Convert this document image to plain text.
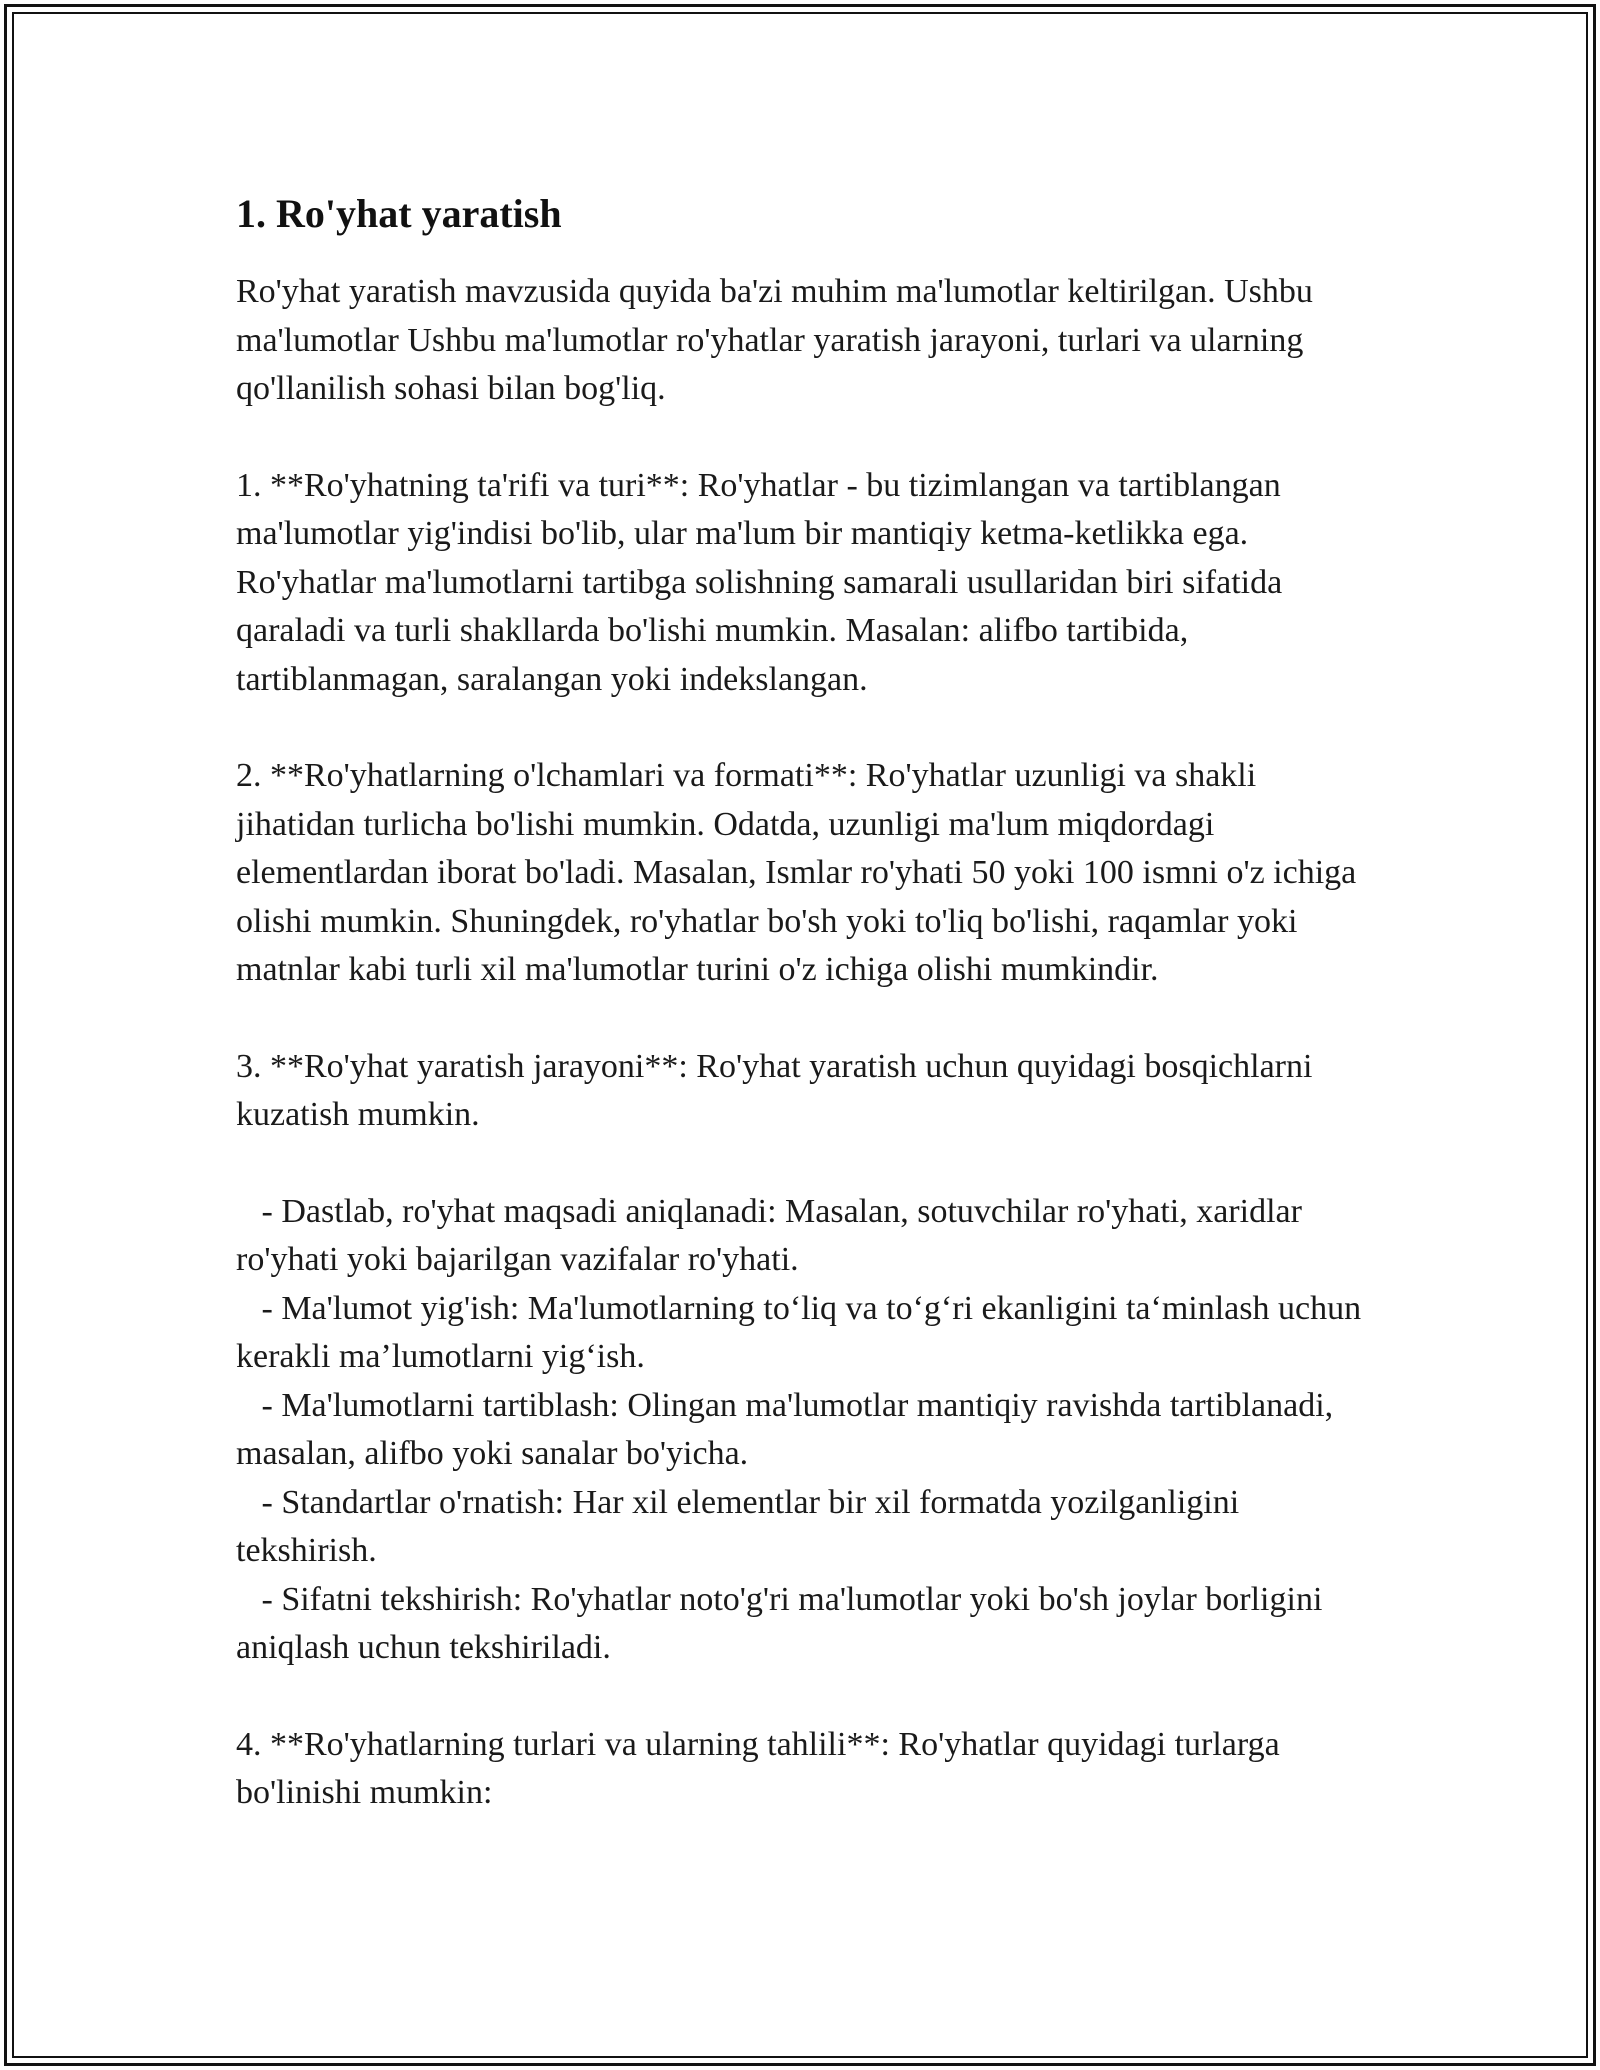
1. Ro'yhat yaratish

Ro'yhat yaratish mavzusida quyida ba'zi muhim ma'lumotlar keltirilgan. Ushbu ma'lumotlar Ushbu ma'lumotlar ro'yhatlar yaratish jarayoni, turlari va ularning qo'llanilish sohasi bilan bog'liq.

1. **Ro'yhatning ta'rifi va turi**: Ro'yhatlar - bu tizimlangan va tartiblangan ma'lumotlar yig'indisi bo'lib, ular ma'lum bir mantiqiy ketma-ketlikka ega. Ro'yhatlar ma'lumotlarni tartibga solishning samarali usullaridan biri sifatida qaraladi va turli shakllarda bo'lishi mumkin. Masalan: alifbo tartibida, tartiblanmagan, saralangan yoki indekslangan.

2. **Ro'yhatlarning o'lchamlari va formati**: Ro'yhatlar uzunligi va shakli jihatidan turlicha bo'lishi mumkin. Odatda, uzunligi ma'lum miqdordagi elementlardan iborat bo'ladi. Masalan, Ismlar ro'yhati 50 yoki 100 ismni o'z ichiga olishi mumkin. Shuningdek, ro'yhatlar bo'sh yoki to'liq bo'lishi, raqamlar yoki matnlar kabi turli xil ma'lumotlar turini o'z ichiga olishi mumkindir.

3. **Ro'yhat yaratish jarayoni**: Ro'yhat yaratish uchun quyidagi bosqichlarni kuzatish mumkin.

- Dastlab, ro'yhat maqsadi aniqlanadi: Masalan, sotuvchilar ro'yhati, xaridlar ro'yhati yoki bajarilgan vazifalar ro'yhati.

- Ma'lumot yig'ish: Ma'lumotlarning to‘liq va to‘g‘ri ekanligini ta‘minlash uchun kerakli ma’lumotlarni yig‘ish.

- Ma'lumotlarni tartiblash: Olingan ma'lumotlar mantiqiy ravishda tartiblanadi, masalan, alifbo yoki sanalar bo'yicha.

- Standartlar o'rnatish: Har xil elementlar bir xil formatda yozilganligini tekshirish.

- Sifatni tekshirish: Ro'yhatlar noto'g'ri ma'lumotlar yoki bo'sh joylar borligini aniqlash uchun tekshiriladi.

4. **Ro'yhatlarning turlari va ularning tahlili**: Ro'yhatlar quyidagi turlarga bo'linishi mumkin:
